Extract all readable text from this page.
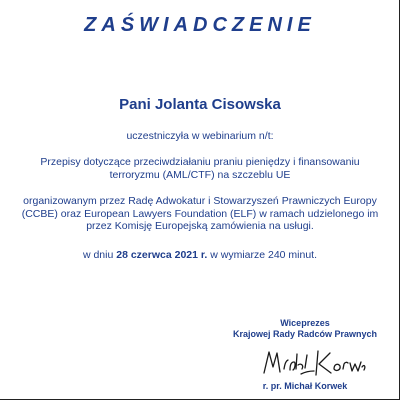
ZAŚWIADCZENIE
Pani Jolanta Cisowska
uczestniczyła w webinarium n/t:
Przepisy dotyczące przeciwdziałaniu praniu pieniędzy i finansowaniu
terroryzmu (AML/CTF) na szczeblu UE
organizowanym przez Radę Adwokatur i Stowarzyszeń Prawniczych Europy
(CCBE) oraz European Lawyers Foundation (ELF) w ramach udzielonego im
przez Komisję Europejską zamówienia na usługi.
w dniu 28 czerwca 2021 r. w wymiarze 240 minut.
Wiceprezes
Krajowej Rady Radców Prawnych
r. pr. Michał Korwek
